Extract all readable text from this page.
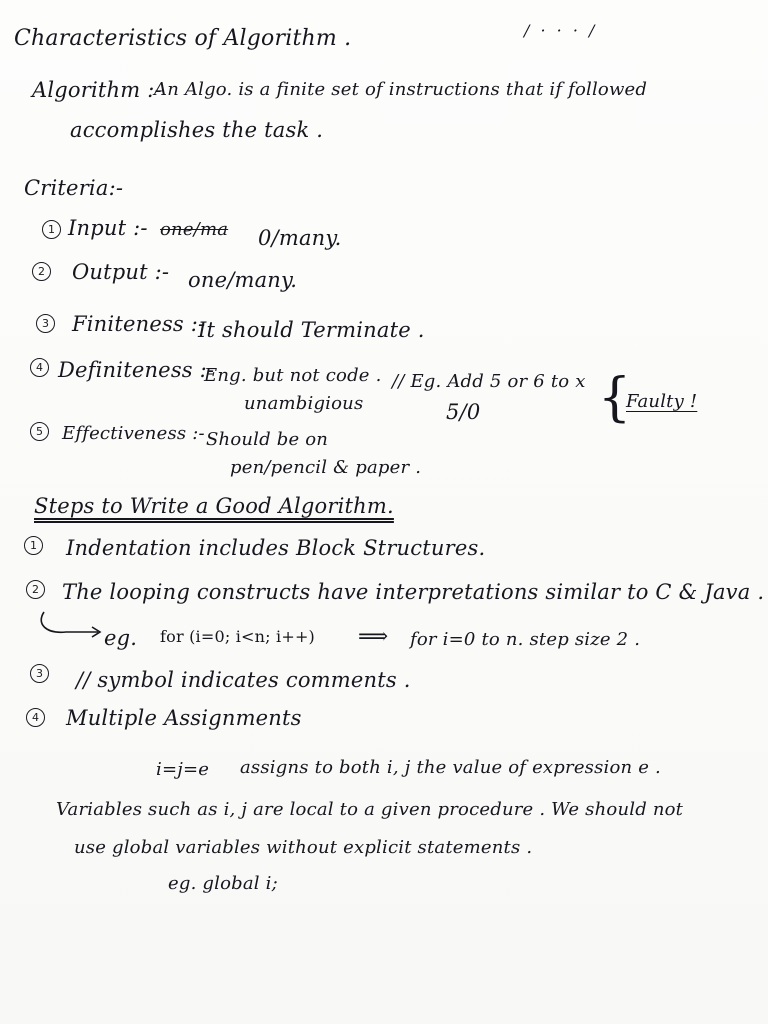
Characteristics of Algorithm .	/ · · · /
Algorithm :-
An Algo. is a finite set of instructions that if followed
accomplishes the task .
Criteria:-
1 Input :- one/ma 0/many.
2 Output :- one/many.
3 Finiteness :-
It should Terminate .
4 Definiteness :-
Eng. but not code .
unambigious
// Eg. Add 5 or 6 to x
5/0 {
Faulty !
5	Effectiveness :- Should be on
pen/pencil & paper .
Steps to Write a Good Algorithm.
1 Indentation includes Block Structures.
2 The looping constructs have interpretations similar to C & Java .
eg. for (i=0; i<n; i++) ⟹ for i=0 to n. step size 2 .
3 // symbol indicates comments .
4 Multiple Assignments
i=j=e assigns to both i, j the value of expression e .
Variables such as i, j are local to a given procedure . We should not
use global variables without explicit statements .
eg. global i;
